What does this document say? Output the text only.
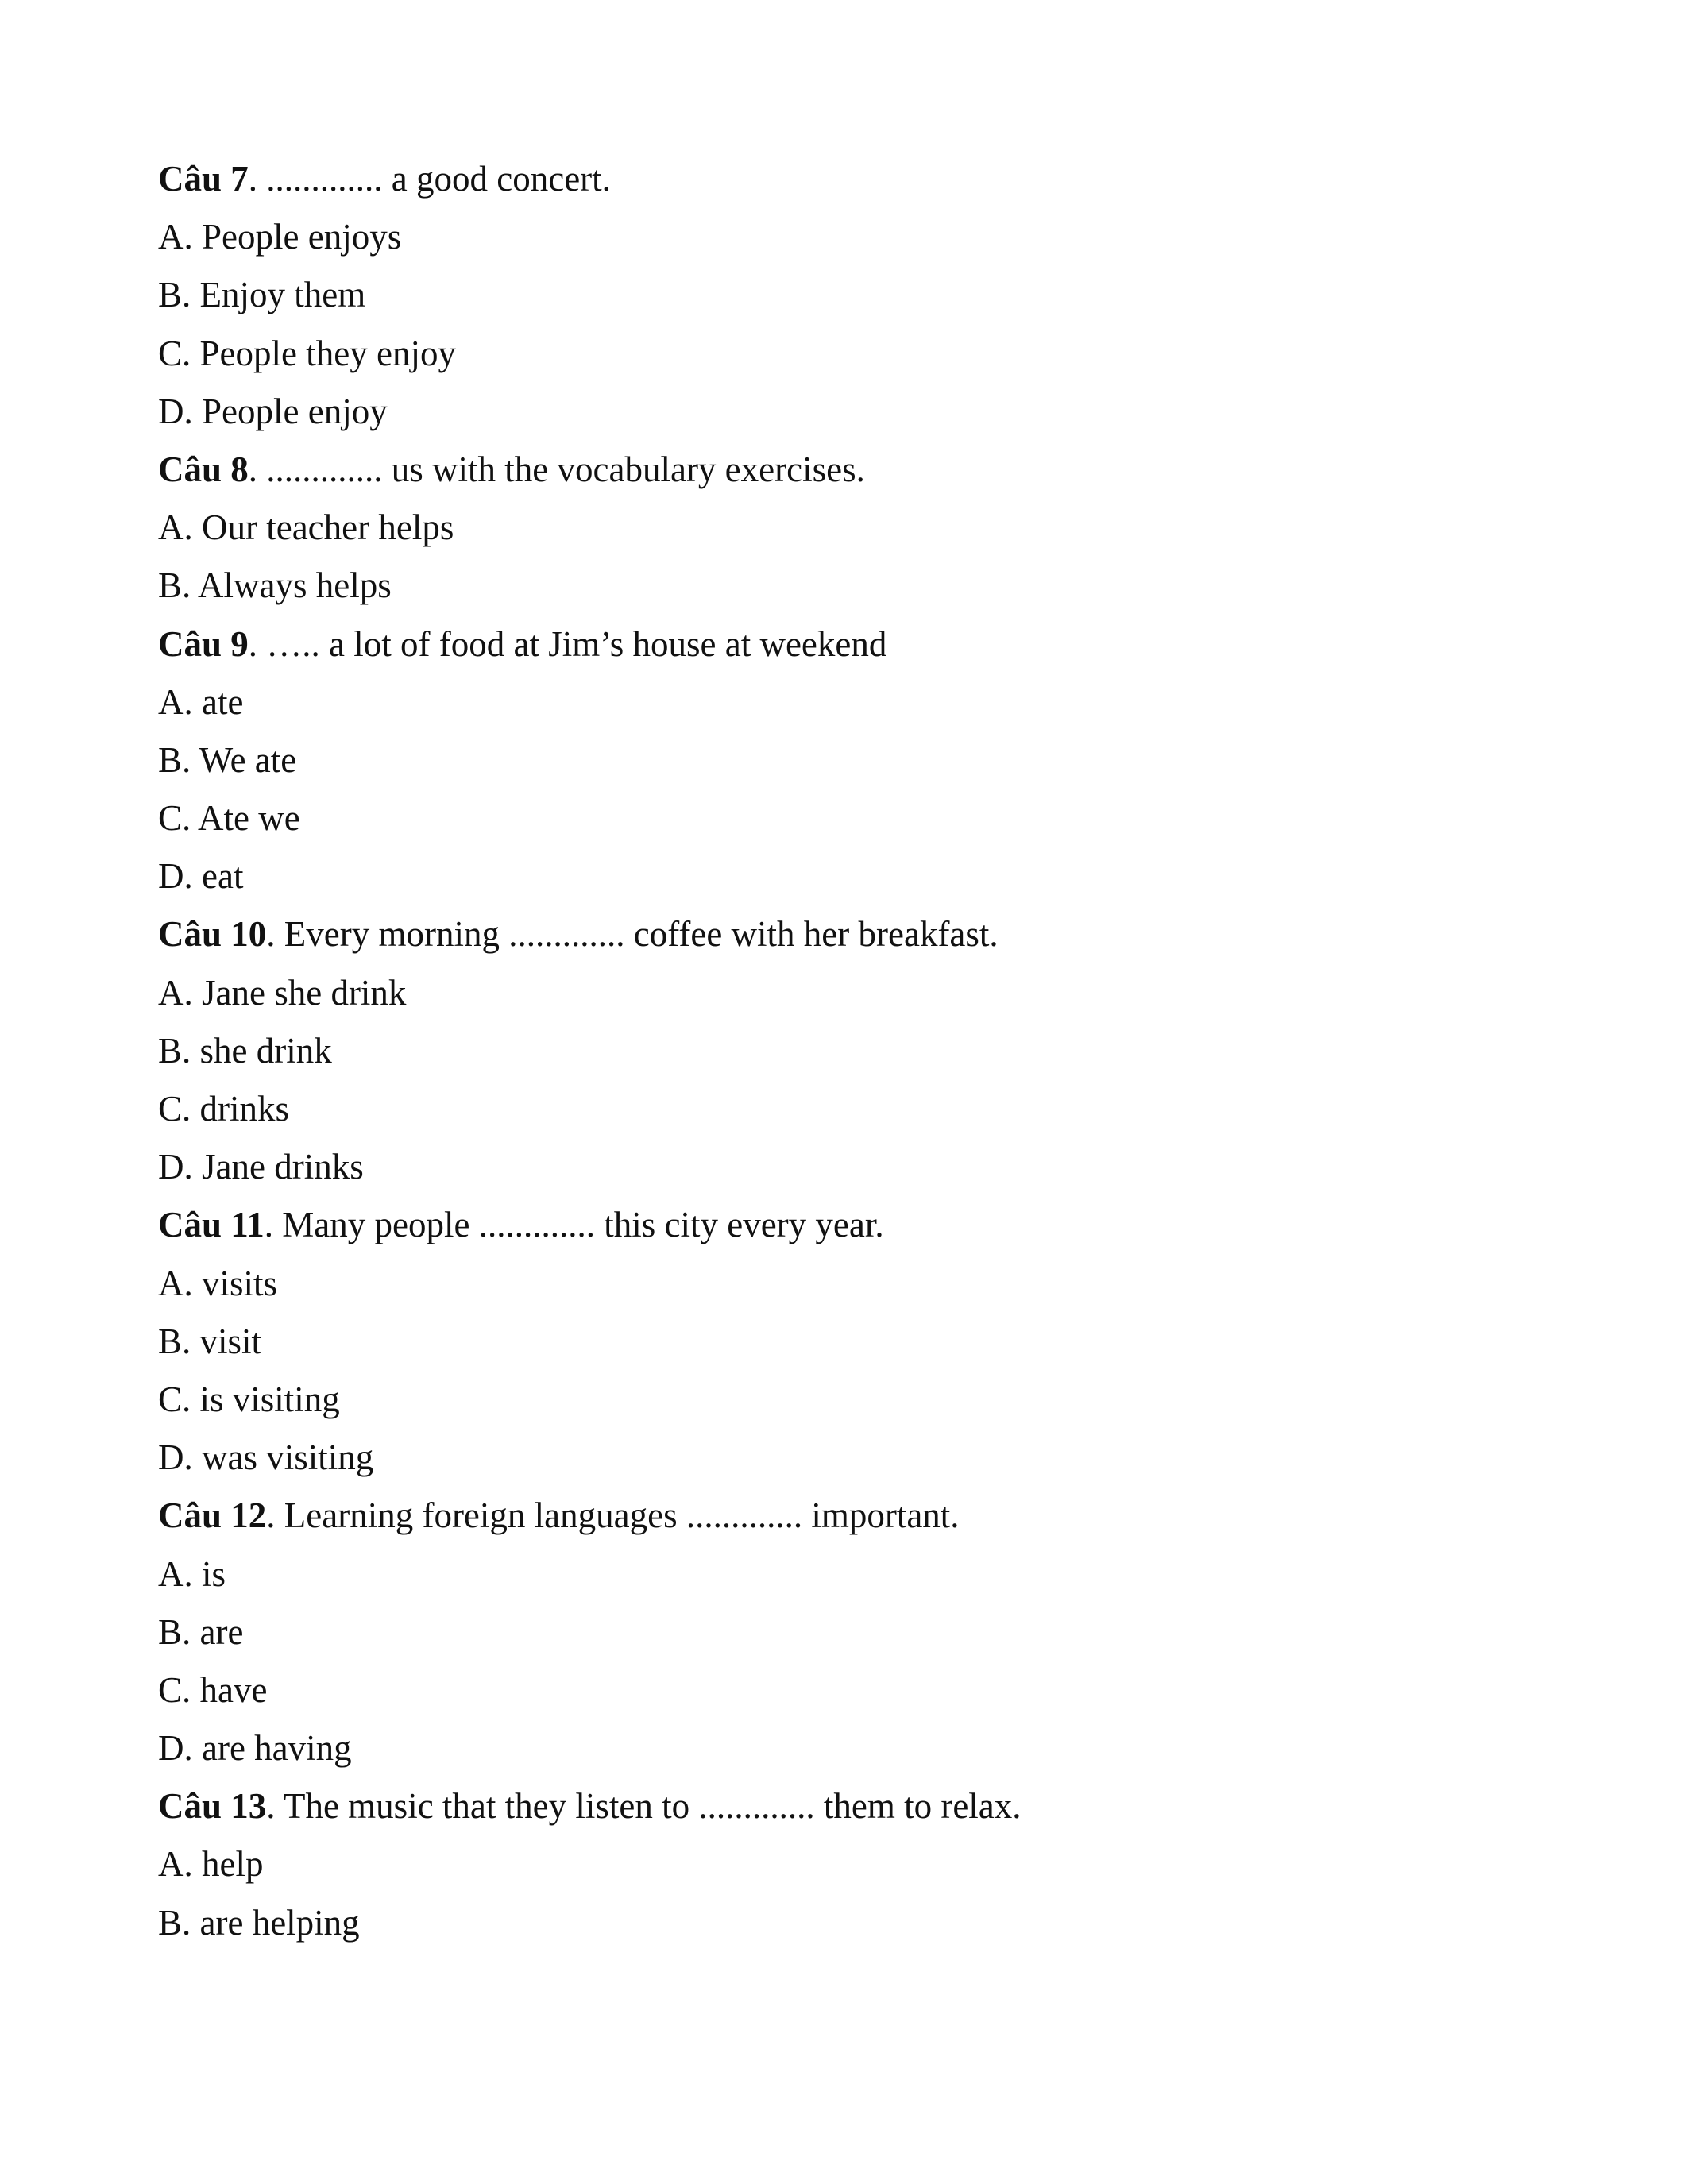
Câu 7. ............. a good concert.
A. People enjoys
B. Enjoy them
C. People they enjoy
D. People enjoy
Câu 8. ............. us with the vocabulary exercises.
A. Our teacher helps
B. Always helps
Câu 9. ….. a lot of food at Jim’s house at weekend
A. ate
B. We ate
C. Ate we
D. eat
Câu 10. Every morning ............. coffee with her breakfast.
A. Jane she drink
B. she drink
C. drinks
D. Jane drinks
Câu 11. Many people ............. this city every year.
A. visits
B. visit
C. is visiting
D. was visiting
Câu 12. Learning foreign languages ............. important.
A. is
B. are
C. have
D. are having
Câu 13. The music that they listen to ............. them to relax.
A. help
B. are helping
